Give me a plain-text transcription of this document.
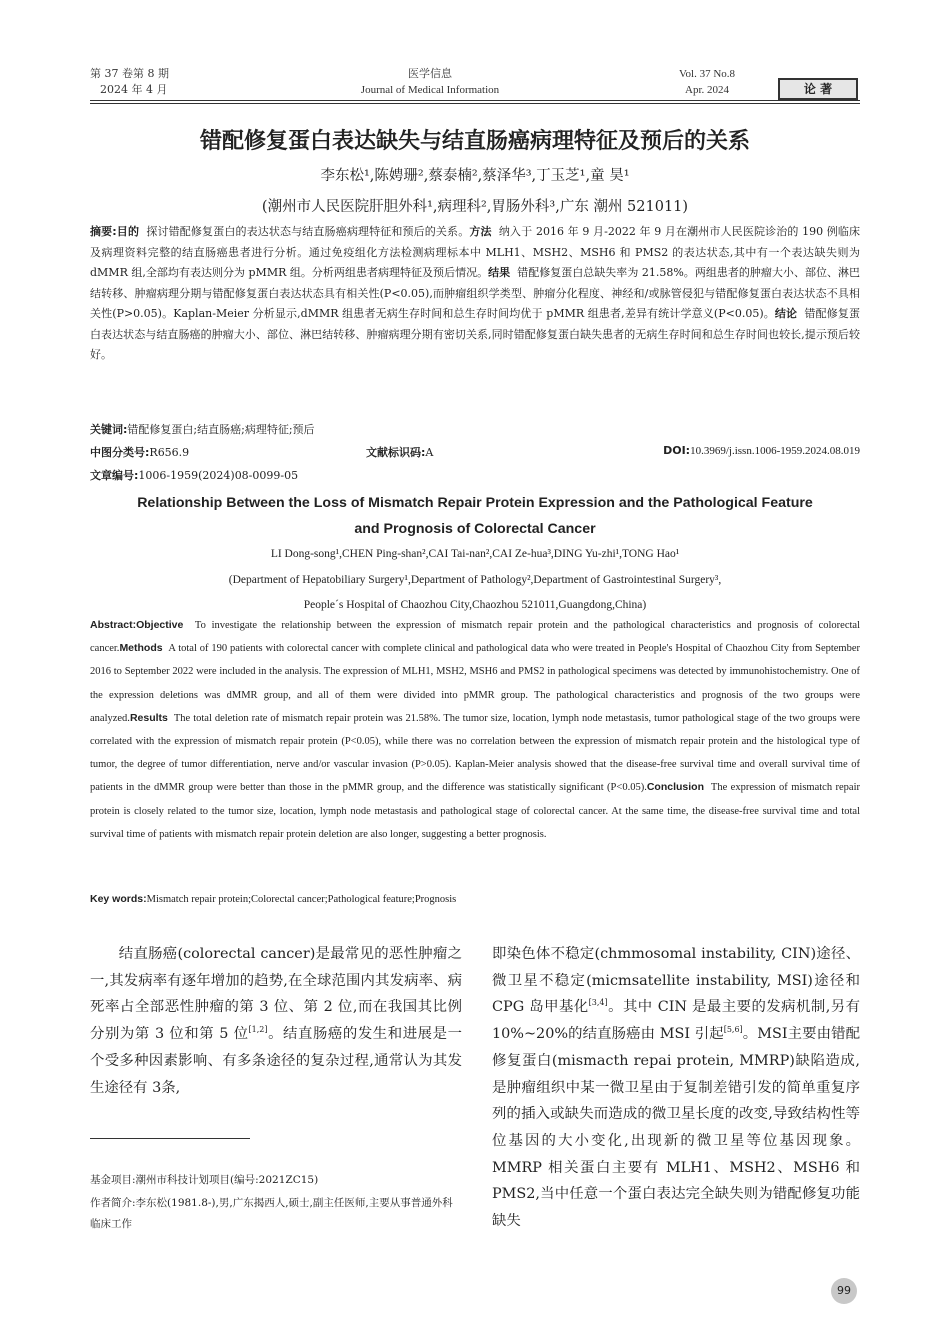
第 37 卷第 8 期
2024 年 4 月
医学信息
Journal of Medical Information
Vol. 37 No.8
Apr. 2024	论 著
错配修复蛋白表达缺失与结直肠癌病理特征及预后的关系
李东松¹,陈娉珊²,蔡泰楠²,蔡泽华³,丁玉芝¹,童 昊¹
(潮州市人民医院肝胆外科¹,病理科²,胃肠外科³,广东 潮州 521011)
摘要:目的 探讨错配修复蛋白的表达状态与结直肠癌病理特征和预后的关系。方法 纳入于 2016 年 9 月-2022 年 9 月在潮州市人民医院诊治的 190 例临床及病理资料完整的结直肠癌患者进行分析。通过免疫组化方法检测病理标本中 MLH1、MSH2、MSH6 和 PMS2 的表达状态,其中有一个表达缺失则为 dMMR 组,全部均有表达则分为 pMMR 组。分析两组患者病理特征及预后情况。结果 错配修复蛋白总缺失率为 21.58%。两组患者的肿瘤大小、部位、淋巴结转移、肿瘤病理分期与错配修复蛋白表达状态具有相关性(P<0.05),而肿瘤组织学类型、肿瘤分化程度、神经和/或脉管侵犯与错配修复蛋白表达状态不具相关性(P>0.05)。Kaplan-Meier 分析显示,dMMR 组患者无病生存时间和总生存时间均优于 pMMR 组患者,差异有统计学意义(P<0.05)。结论 错配修复蛋白表达状态与结直肠癌的肿瘤大小、部位、淋巴结转移、肿瘤病理分期有密切关系,同时错配修复蛋白缺失患者的无病生存时间和总生存时间也较长,提示预后较好。
关键词:错配修复蛋白;结直肠癌;病理特征;预后
中图分类号:R656.9	文献标识码:A	DOI:10.3969/j.issn.1006-1959.2024.08.019
文章编号:1006-1959(2024)08-0099-05
Relationship Between the Loss of Mismatch Repair Protein Expression and the Pathological Feature
and Prognosis of Colorectal Cancer
LI Dong-song¹,CHEN Ping-shan²,CAI Tai-nan²,CAI Ze-hua³,DING Yu-zhi¹,TONG Hao¹
(Department of Hepatobiliary Surgery¹,Department of Pathology²,Department of Gastrointestinal Surgery³,
People´s Hospital of Chaozhou City,Chaozhou 521011,Guangdong,China)
Abstract:Objective To investigate the relationship between the expression of mismatch repair protein and the pathological characteristics and prognosis of colorectal cancer.Methods A total of 190 patients with colorectal cancer with complete clinical and pathological data who were treated in People's Hospital of Chaozhou City from September 2016 to September 2022 were included in the analysis. The expression of MLH1, MSH2, MSH6 and PMS2 in pathological specimens was detected by immunohistochemistry. One of the expression deletions was dMMR group, and all of them were divided into pMMR group. The pathological characteristics and prognosis of the two groups were analyzed.Results The total deletion rate of mismatch repair protein was 21.58%. The tumor size, location, lymph node metastasis, tumor pathological stage of the two groups were correlated with the expression of mismatch repair protein (P<0.05), while there was no correlation between the expression of mismatch repair protein and the histological type of tumor, the degree of tumor differentiation, nerve and/or vascular invasion (P>0.05). Kaplan-Meier analysis showed that the disease-free survival time and overall survival time of patients in the dMMR group were better than those in the pMMR group, and the difference was statistically significant (P<0.05).Conclusion The expression of mismatch repair protein is closely related to the tumor size, location, lymph node metastasis and pathological stage of colorectal cancer. At the same time, the disease-free survival time and total survival time of patients with mismatch repair protein deletion are also longer, suggesting a better prognosis.
Key words:Mismatch repair protein;Colorectal cancer;Pathological feature;Prognosis
结直肠癌(colorectal cancer)是最常见的恶性肿瘤之一,其发病率有逐年增加的趋势,在全球范围内其发病率、病死率占全部恶性肿瘤的第 3 位、第 2 位,而在我国其比例分别为第 3 位和第 5 位[1,2]。结直肠癌的发生和进展是一个受多种因素影响、有多条途径的复杂过程,通常认为其发生途径有 3条,
即染色体不稳定(chmmosomal instability, CIN)途径、微卫星不稳定(micmsatellite instability, MSI)途径和 CPG 岛甲基化[3,4]。其中 CIN 是最主要的发病机制,另有 10%~20%的结直肠癌由 MSI 引起[5,6]。MSI主要由错配修复蛋白(mismacth repai protein, MMRP)缺陷造成,是肿瘤组织中某一微卫星由于复制差错引发的简单重复序列的插入或缺失而造成的微卫星长度的改变,导致结构性等位基因的大小变化,出现新的微卫星等位基因现象。MMRP 相关蛋白主要有 MLH1、MSH2、MSH6 和 PMS2,当中任意一个蛋白表达完全缺失则为错配修复功能缺失
基金项目:潮州市科技计划项目(编号:2021ZC15)
作者简介:李东松(1981.8-),男,广东揭西人,硕士,副主任医师,主要从事普通外科临床工作
99
